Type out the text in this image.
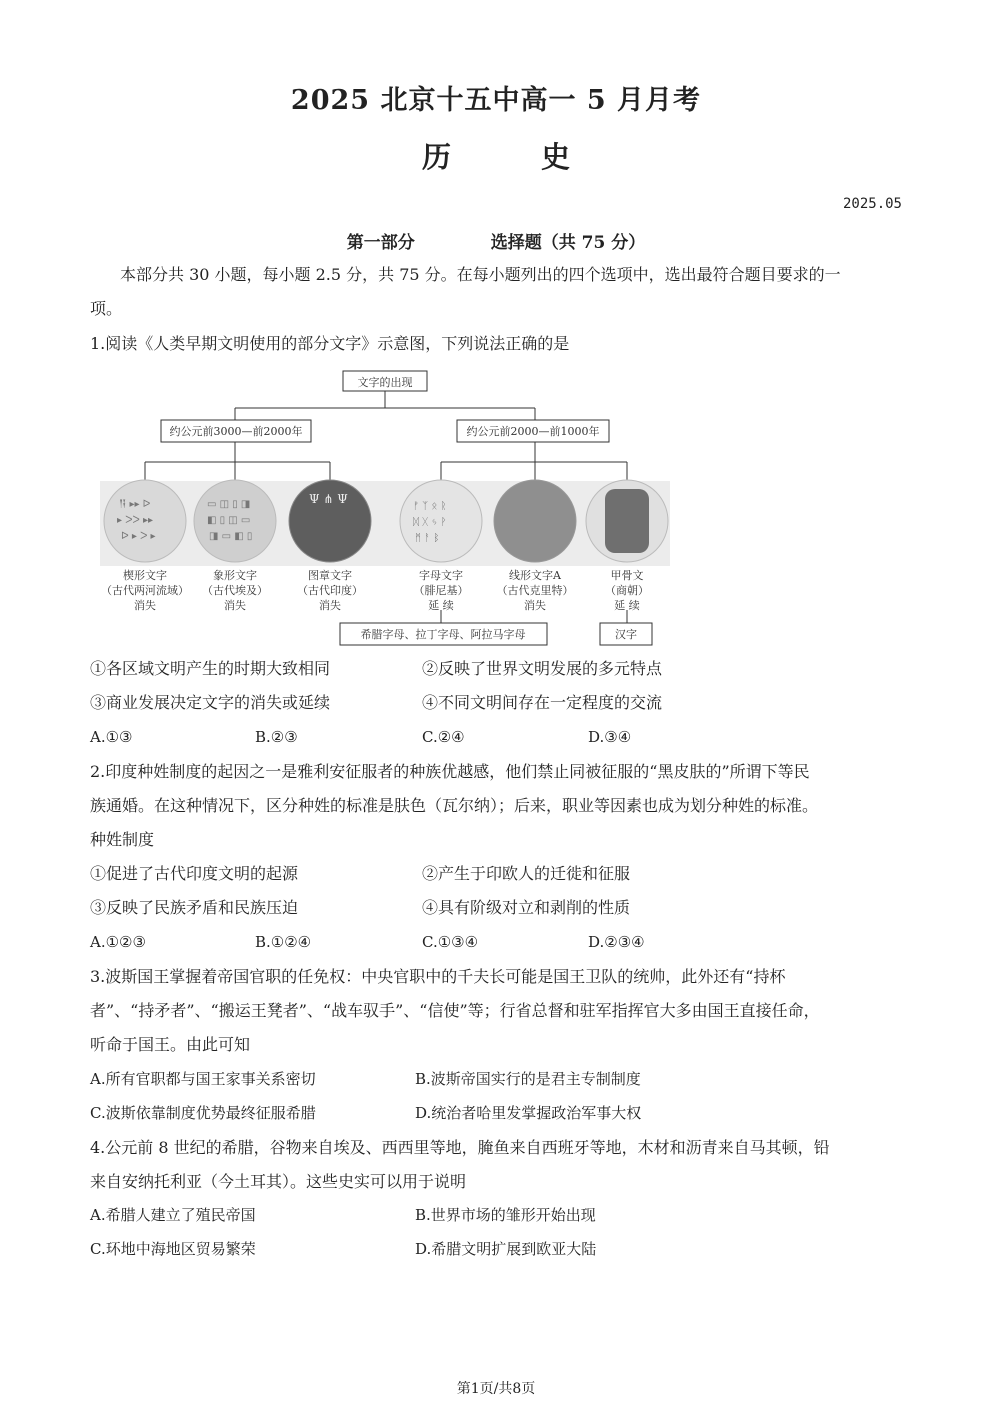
2025 北京十五中高一 5 月月考
历 史
2025.05
第一部分	选择题（共 75 分）
本部分共 30 小题，每小题 2.5 分，共 75 分。在每小题列出的四个选项中，选出最符合题目要求的一
项。
1.阅读《人类早期文明使用的部分文字》示意图，下列说法正确的是
𒀀 ▸▸ ᐅ
▸ ᐳᐳ ▸▸
ᐅ ▸ ᐳ ▸
▭ ◫ ▯ ◨
◧ ▯ ◫ ▭
◨ ▭ ◧ ▯
ᚠ ᛉ ᛟ ᚱ
ᛞ ᚷ ᛃ ᚹ
ᛗ ᚨ ᛒ
Ψ ⋔ Ψ
文字的出现
约公元前3000—前2000年	约公元前2000—前1000年
楔形文字
（古代两河流域）
消失
象形文字
（古代埃及）
消失
图章文字
（古代印度）
消失
字母文字
（腓尼基）
延 续
线形文字A
（古代克里特）
消失
甲骨文
（商朝）
延 续
希腊字母、拉丁字母、阿拉马字母	汉字
①各区域文明产生的时期大致相同	②反映了世界文明发展的多元特点
③商业发展决定文字的消失或延续	④不同文明间存在一定程度的交流
A.①③	B.②③	C.②④	D.③④
2.印度种姓制度的起因之一是雅利安征服者的种族优越感，他们禁止同被征服的“黑皮肤的”所谓下等民
族通婚。在这种情况下，区分种姓的标准是肤色（瓦尔纳）；后来，职业等因素也成为划分种姓的标准。
种姓制度
①促进了古代印度文明的起源	②产生于印欧人的迁徙和征服
③反映了民族矛盾和民族压迫	④具有阶级对立和剥削的性质
A.①②③	B.①②④	C.①③④	D.②③④
3.波斯国王掌握着帝国官职的任免权：中央官职中的千夫长可能是国王卫队的统帅，此外还有“持杯
者”、“持矛者”、“搬运王凳者”、“战车驭手”、“信使”等；行省总督和驻军指挥官大多由国王直接任命，
听命于国王。由此可知
A.所有官职都与国王家事关系密切	B.波斯帝国实行的是君主专制制度
C.波斯依靠制度优势最终征服希腊	D.统治者哈里发掌握政治军事大权
4.公元前 8 世纪的希腊，谷物来自埃及、西西里等地，腌鱼来自西班牙等地，木材和沥青来自马其顿，铅
来自安纳托利亚（今土耳其）。这些史实可以用于说明
A.希腊人建立了殖民帝国	B.世界市场的雏形开始出现
C.环地中海地区贸易繁荣	D.希腊文明扩展到欧亚大陆
第1页/共8页
